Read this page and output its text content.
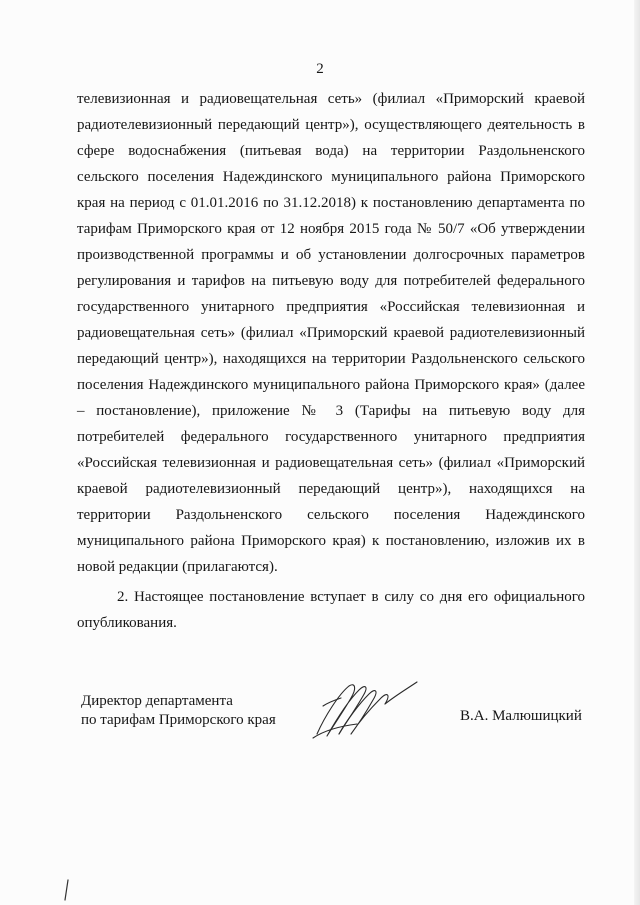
2

телевизионная и радиовещательная сеть» (филиал «Приморский краевой радиотелевизионный передающий центр»), осуществляющего деятельность в сфере водоснабжения (питьевая вода) на территории Раздольненского сельского поселения Надеждинского муниципального района Приморского края на период с 01.01.2016 по 31.12.2018) к постановлению департамента по тарифам Приморского края от 12 ноября 2015 года № 50/7 «Об утверждении производственной программы и об установлении долгосрочных параметров регулирования и тарифов на питьевую воду для потребителей федерального государственного унитарного предприятия «Российская телевизионная и радиовещательная сеть» (филиал «Приморский краевой радиотелевизионный передающий центр»), находящихся на территории Раздольненского сельского поселения Надеждинского муниципального района Приморского края» (далее – постановление), приложение № 3 (Тарифы на питьевую воду для потребителей федерального государственного унитарного предприятия «Российская телевизионная и радиовещательная сеть» (филиал «Приморский краевой радиотелевизионный передающий центр»), находящихся на территории Раздольненского сельского поселения Надеждинского муниципального района Приморского края) к постановлению, изложив их в новой редакции (прилагаются).

2. Настоящее постановление вступает в силу со дня его официального опубликования.

Директор департамента
по тарифам Приморского края	В.А. Малюшицкий
